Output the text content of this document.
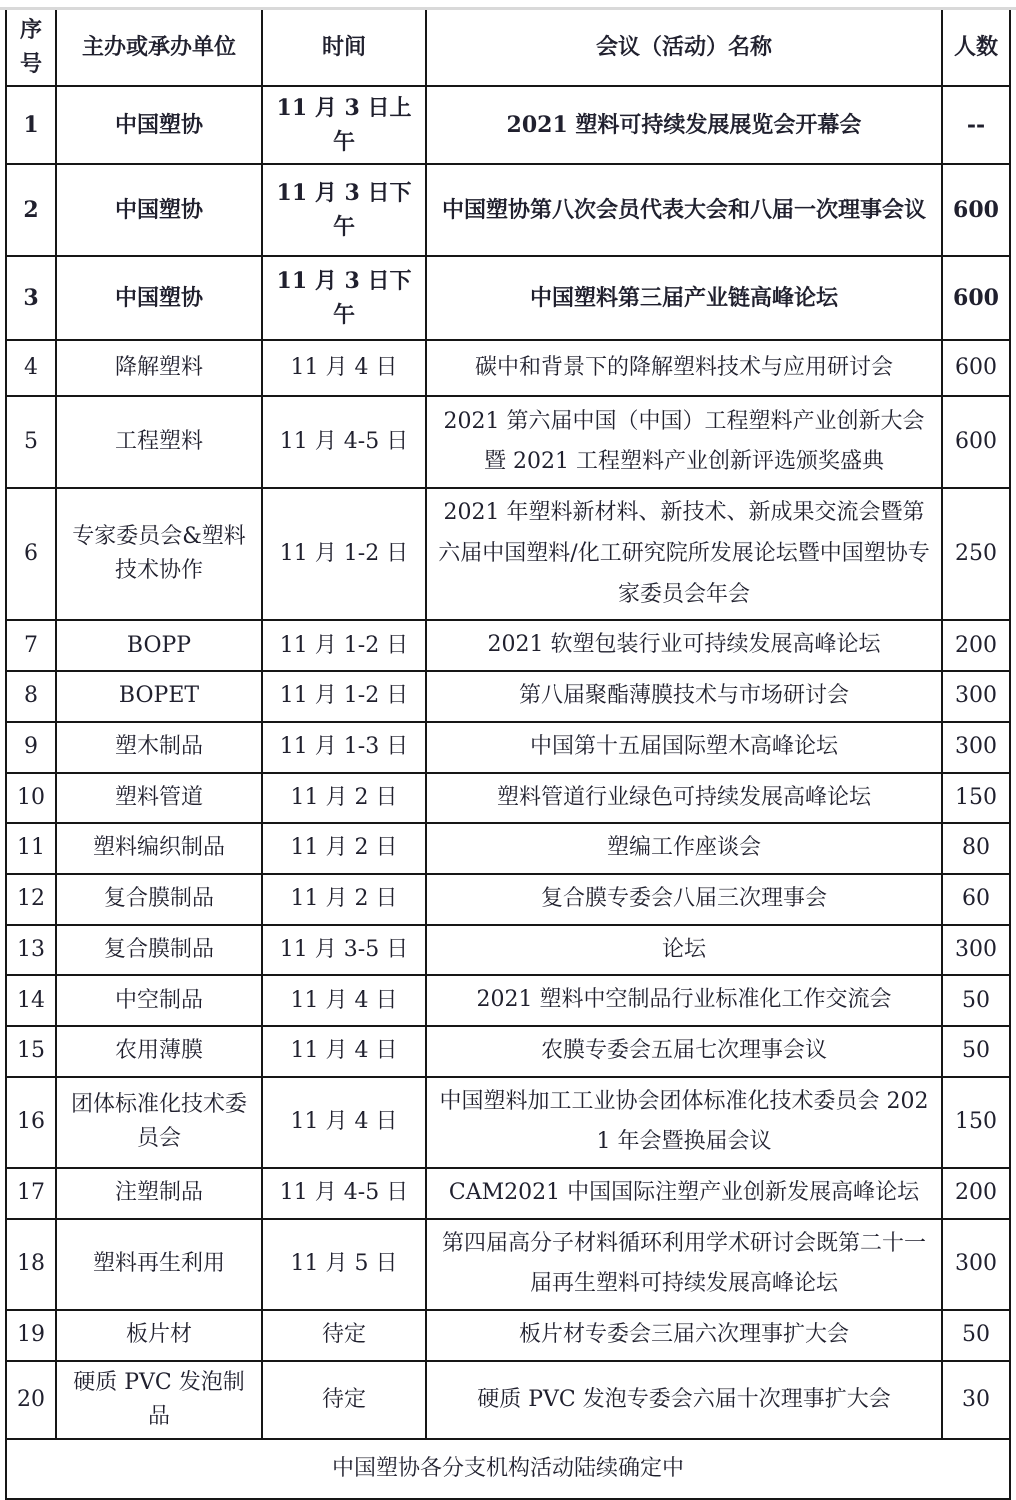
序号	主办或承办单位	时间	会议（活动）名称	人数
1	中国塑协	11 月 3 日上午	2021 塑料可持续发展展览会开幕会	--
2	中国塑协	11 月 3 日下午	中国塑协第八次会员代表大会和八届一次理事会议	600
3	中国塑协	11 月 3 日下午	中国塑料第三届产业链高峰论坛	600
4	降解塑料	11 月 4 日	碳中和背景下的降解塑料技术与应用研讨会	600
5	工程塑料	11 月 4-5 日	2021 第六届中国（中国）工程塑料产业创新大会暨 2021 工程塑料产业创新评选颁奖盛典	600
6	专家委员会&塑料技术协作	11 月 1-2 日	2021 年塑料新材料、新技术、新成果交流会暨第六届中国塑料/化工研究院所发展论坛暨中国塑协专家委员会年会	250
7	BOPP	11 月 1-2 日	2021 软塑包装行业可持续发展高峰论坛	200
8	BOPET	11 月 1-2 日	第八届聚酯薄膜技术与市场研讨会	300
9	塑木制品	11 月 1-3 日	中国第十五届国际塑木高峰论坛	300
10	塑料管道	11 月 2 日	塑料管道行业绿色可持续发展高峰论坛	150
11	塑料编织制品	11 月 2 日	塑编工作座谈会	80
12	复合膜制品	11 月 2 日	复合膜专委会八届三次理事会	60
13	复合膜制品	11 月 3-5 日	论坛	300
14	中空制品	11 月 4 日	2021 塑料中空制品行业标准化工作交流会	50
15	农用薄膜	11 月 4 日	农膜专委会五届七次理事会议	50
16	团体标准化技术委员会	11 月 4 日	中国塑料加工工业协会团体标准化技术委员会 2021 年会暨换届会议	150
17	注塑制品	11 月 4-5 日	CAM2021 中国国际注塑产业创新发展高峰论坛	200
18	塑料再生利用	11 月 5 日	第四届高分子材料循环利用学术研讨会既第二十一届再生塑料可持续发展高峰论坛	300
19	板片材	待定	板片材专委会三届六次理事扩大会	50
20	硬质 PVC 发泡制品	待定	硬质 PVC 发泡专委会六届十次理事扩大会	30
中国塑协各分支机构活动陆续确定中				
